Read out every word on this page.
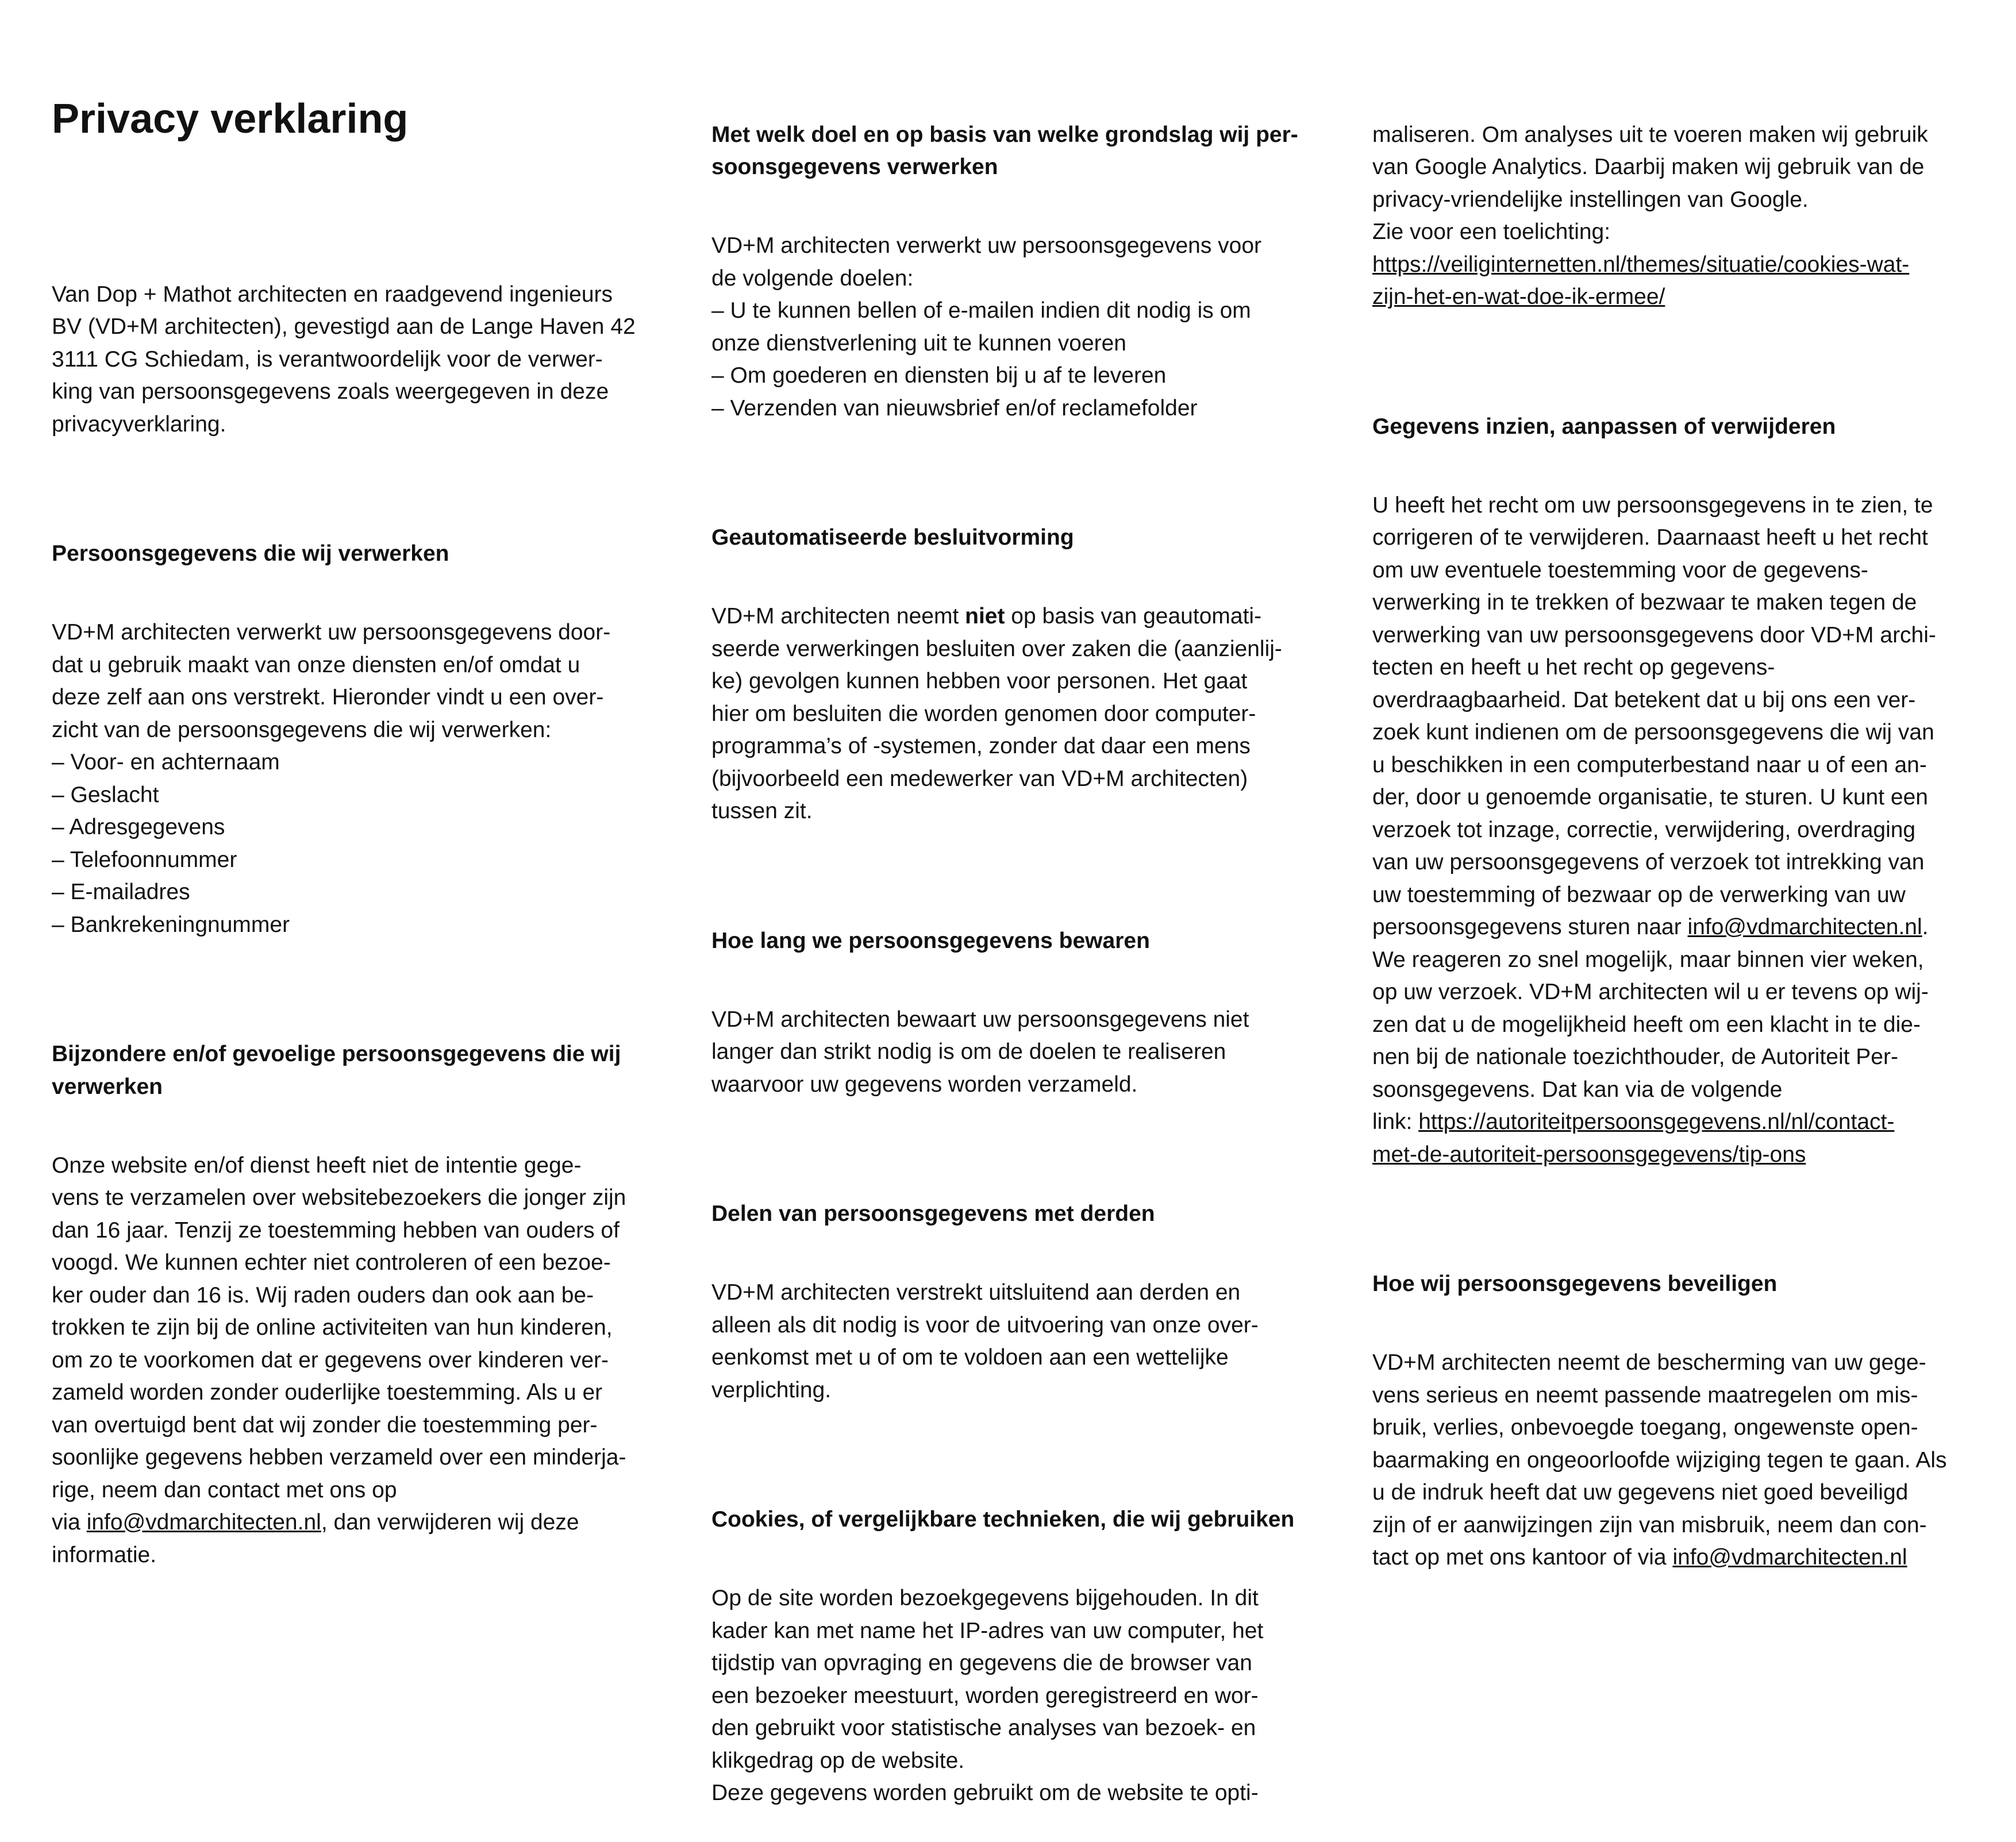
Privacy verklaring

Van Dop + Mathot architecten en raadgevend ingenieurs
BV (VD+M architecten), gevestigd aan de Lange Haven 42
3111 CG Schiedam, is verantwoordelijk voor de verwer-
king van persoonsgegevens zoals weergegeven in deze
privacyverklaring.

Persoonsgegevens die wij verwerken

VD+M architecten verwerkt uw persoonsgegevens door-
dat u gebruik maakt van onze diensten en/of omdat u
deze zelf aan ons verstrekt. Hieronder vindt u een over-
zicht van de persoonsgegevens die wij verwerken:
– Voor- en achternaam
– Geslacht
– Adresgegevens
– Telefoonnummer
– E-mailadres
– Bankrekeningnummer

Bijzondere en/of gevoelige persoonsgegevens die wij
verwerken

Onze website en/of dienst heeft niet de intentie gege-
vens te verzamelen over websitebezoekers die jonger zijn
dan 16 jaar. Tenzij ze toestemming hebben van ouders of
voogd. We kunnen echter niet controleren of een bezoe-
ker ouder dan 16 is. Wij raden ouders dan ook aan be-
trokken te zijn bij de online activiteiten van hun kinderen,
om zo te voorkomen dat er gegevens over kinderen ver-
zameld worden zonder ouderlijke toestemming. Als u er
van overtuigd bent dat wij zonder die toestemming per-
soonlijke gegevens hebben verzameld over een minderja-
rige, neem dan contact met ons op
via info@vdmarchitecten.nl, dan verwijderen wij deze
informatie.

Met welk doel en op basis van welke grondslag wij per-
soonsgegevens verwerken

VD+M architecten verwerkt uw persoonsgegevens voor
de volgende doelen:
– U te kunnen bellen of e-mailen indien dit nodig is om
onze dienstverlening uit te kunnen voeren
– Om goederen en diensten bij u af te leveren
– Verzenden van nieuwsbrief en/of reclamefolder

Geautomatiseerde besluitvorming

VD+M architecten neemt niet op basis van geautomati-
seerde verwerkingen besluiten over zaken die (aanzienlij-
ke) gevolgen kunnen hebben voor personen. Het gaat
hier om besluiten die worden genomen door computer-
programma’s of -systemen, zonder dat daar een mens
(bijvoorbeeld een medewerker van VD+M architecten)
tussen zit.

Hoe lang we persoonsgegevens bewaren

VD+M architecten bewaart uw persoonsgegevens niet
langer dan strikt nodig is om de doelen te realiseren
waarvoor uw gegevens worden verzameld.

Delen van persoonsgegevens met derden

VD+M architecten verstrekt uitsluitend aan derden en
alleen als dit nodig is voor de uitvoering van onze over-
eenkomst met u of om te voldoen aan een wettelijke
verplichting.

Cookies, of vergelijkbare technieken, die wij gebruiken

Op de site worden bezoekgegevens bijgehouden. In dit
kader kan met name het IP-adres van uw computer, het
tijdstip van opvraging en gegevens die de browser van
een bezoeker meestuurt, worden geregistreerd en wor-
den gebruikt voor statistische analyses van bezoek- en
klikgedrag op de website.
Deze gegevens worden gebruikt om de website te opti-

maliseren. Om analyses uit te voeren maken wij gebruik
van Google Analytics. Daarbij maken wij gebruik van de
privacy-vriendelijke instellingen van Google.
Zie voor een toelichting:
https://veiliginternetten.nl/themes/situatie/cookies-wat-
zijn-het-en-wat-doe-ik-ermee/

Gegevens inzien, aanpassen of verwijderen

U heeft het recht om uw persoonsgegevens in te zien, te
corrigeren of te verwijderen. Daarnaast heeft u het recht
om uw eventuele toestemming voor de gegevens-
verwerking in te trekken of bezwaar te maken tegen de
verwerking van uw persoonsgegevens door VD+M archi-
tecten en heeft u het recht op gegevens-
overdraagbaarheid. Dat betekent dat u bij ons een ver-
zoek kunt indienen om de persoonsgegevens die wij van
u beschikken in een computerbestand naar u of een an-
der, door u genoemde organisatie, te sturen. U kunt een
verzoek tot inzage, correctie, verwijdering, overdraging
van uw persoonsgegevens of verzoek tot intrekking van
uw toestemming of bezwaar op de verwerking van uw
persoonsgegevens sturen naar info@vdmarchitecten.nl.
We reageren zo snel mogelijk, maar binnen vier weken,
op uw verzoek. VD+M architecten wil u er tevens op wij-
zen dat u de mogelijkheid heeft om een klacht in te die-
nen bij de nationale toezichthouder, de Autoriteit Per-
soonsgegevens. Dat kan via de volgende
link: https://autoriteitpersoonsgegevens.nl/nl/contact-
met-de-autoriteit-persoonsgegevens/tip-ons

Hoe wij persoonsgegevens beveiligen

VD+M architecten neemt de bescherming van uw gege-
vens serieus en neemt passende maatregelen om mis-
bruik, verlies, onbevoegde toegang, ongewenste open-
baarmaking en ongeoorloofde wijziging tegen te gaan. Als
u de indruk heeft dat uw gegevens niet goed beveiligd
zijn of er aanwijzingen zijn van misbruik, neem dan con-
tact op met ons kantoor of via info@vdmarchitecten.nl
